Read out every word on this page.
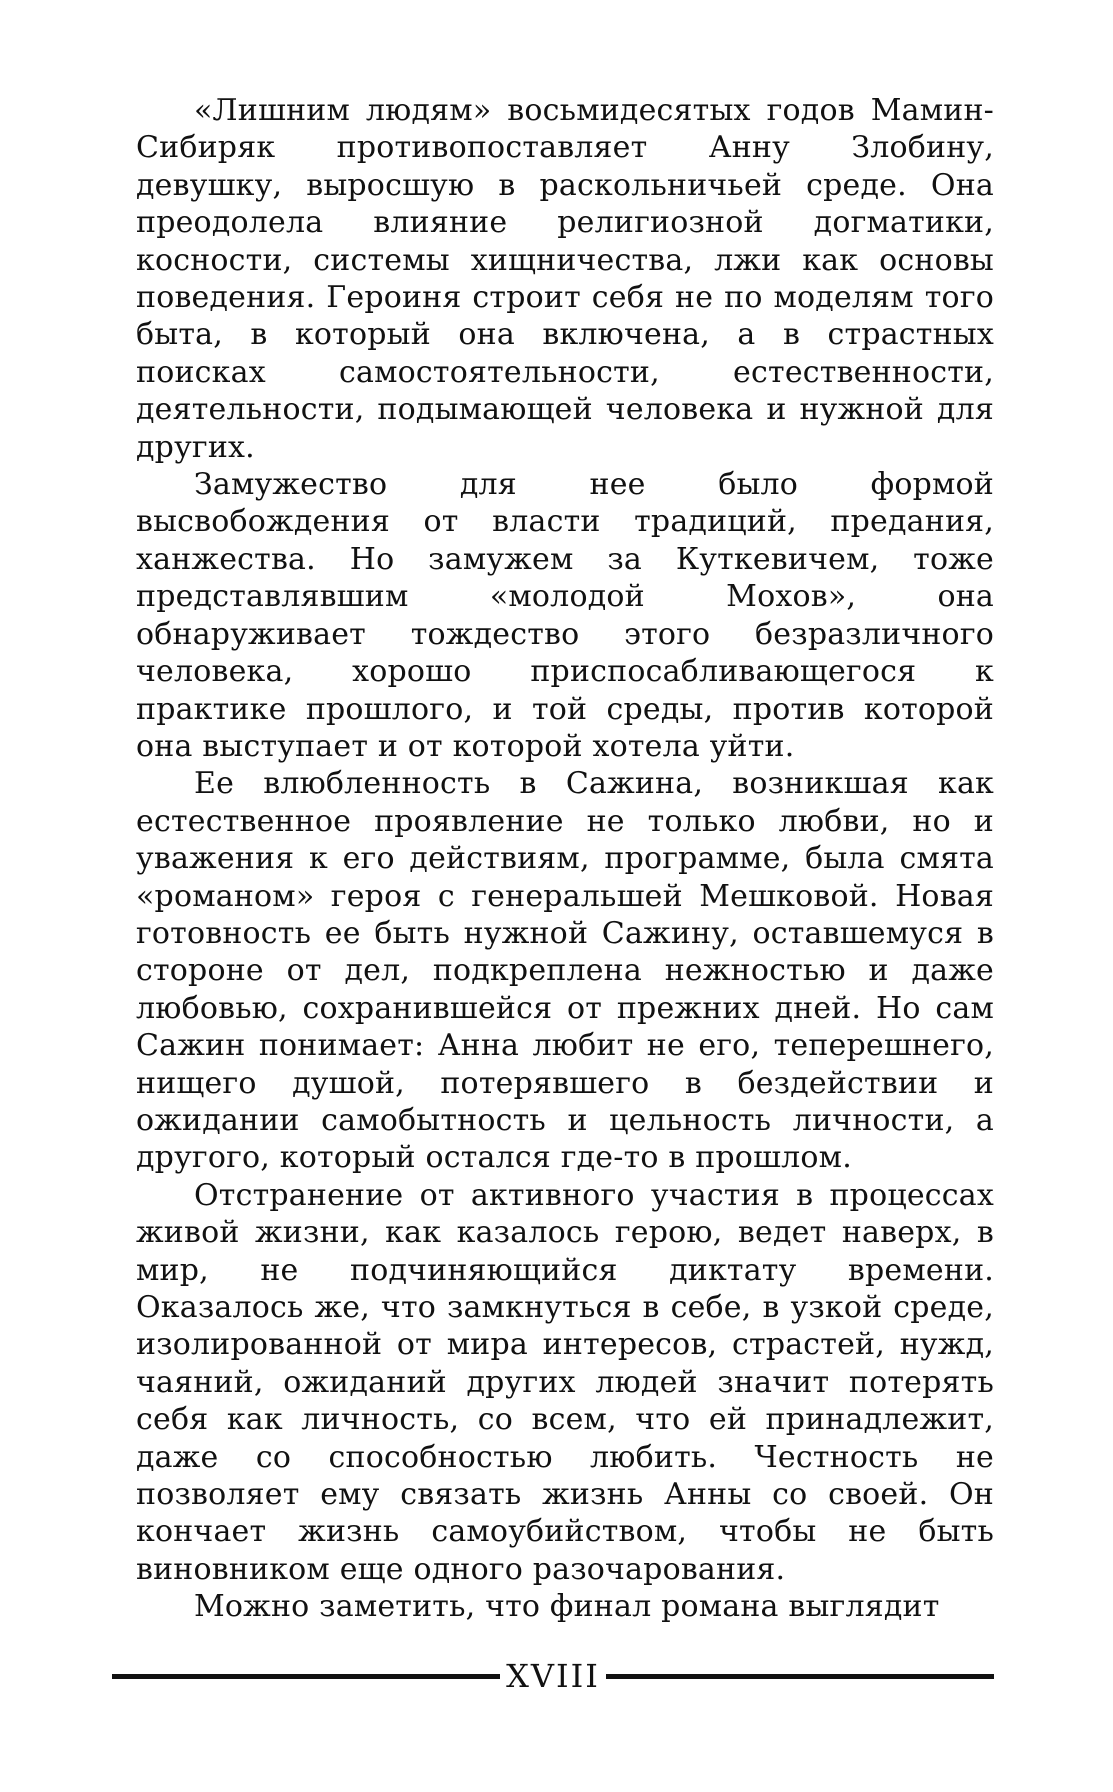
«Лишним людям» восьмидесятых годов Мамин-Сибиряк противопоставляет Анну Злобину, девушку, выросшую в раскольничьей среде. Она преодолела влияние религиозной догматики, косности, системы хищничества, лжи как основы поведения. Героиня строит себя не по моделям того быта, в который она включена, а в страстных поисках самостоятельности, естественности, деятельности, подымающей человека и нужной для других.

Замужество для нее было формой высвобождения от власти традиций, предания, ханжества. Но замужем за Куткевичем, тоже представлявшим «молодой Мохов», она обнаруживает тождество этого безразличного человека, хорошо приспосабливающегося к практике прошлого, и той среды, против которой она выступает и от которой хотела уйти.

Ее влюбленность в Сажина, возникшая как естественное проявление не только любви, но и уважения к его действиям, программе, была смята «романом» героя с генеральшей Мешковой. Новая готовность ее быть нужной Сажину, оставшемуся в стороне от дел, подкреплена нежностью и даже любовью, сохранившейся от прежних дней. Но сам Сажин понимает: Анна любит не его, теперешнего, нищего душой, потерявшего в бездействии и ожидании самобытность и цельность личности, а другого, который остался где-то в прошлом.

Отстранение от активного участия в процессах живой жизни, как казалось герою, ведет наверх, в мир, не подчиняющийся диктату времени. Оказалось же, что замкнуться в себе, в узкой среде, изолированной от мира интересов, страстей, нужд, чаяний, ожиданий других людей значит потерять себя как личность, со всем, что ей принадлежит, даже со способностью любить. Честность не позволяет ему связать жизнь Анны со своей. Он кончает жизнь самоубийством, чтобы не быть виновником еще одного разочарования.

Можно заметить, что финал романа выглядит

XVIII
